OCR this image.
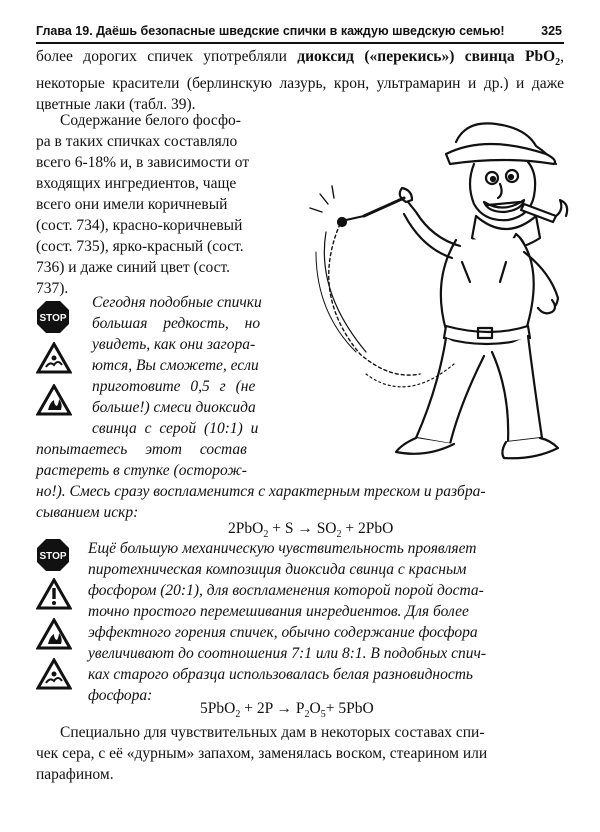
Глава 19. Даёшь безопасные шведские спички в каждую шведскую семью!	325
более дорогих спичек употребляли диоксид («перекись») свинца PbO$_2$, некоторые красители (берлинскую лазурь, крон, ультрамарин и др.) и даже цветные лаки (табл. 39).
Содержание белого фосфо-
ра в таких спичках составляло
всего 6-18% и, в зависимости от
входящих ингредиентов, чаще
всего они имели коричневый
(сост. 734), красно-коричневый
(сост. 735), ярко-красный (сост.
736) и даже синий цвет (сост.
737).
STOP
Сегодня подобные спички
большая редкость, но
увидеть, как они загора-
ются, Вы сможете, если
приготовите 0,5 г (не
больше!) смеси диоксида
свинца с серой (10:1) и
попытаетесь этот состав
растереть в ступке (осторож-
но!). Смесь сразу воспламенится с характерным треском и разбра-
сыванием искр:
$2PbO_2 + S \to SO_2 + 2PbO$
STOP Ещё большую механическую чувствительность проявляет
пиротехническая композиция диоксида свинца с красным
фосфором (20:1), для воспламенения которой порой доста-
точно простого перемешивания ингредиентов. Для более
эффектного горения спичек, обычно содержание фосфора
увеличивают до соотношения 7:1 или 8:1. В подобных спич-
ках старого образца использовалась белая разновидность
фосфора:
$5PbO_2 + 2P \to P_2O_5+ 5PbO$
Специально для чувствительных дам в некоторых составах спи-
чек сера, с её «дурным» запахом, заменялась воском, стеарином или
парафином.
